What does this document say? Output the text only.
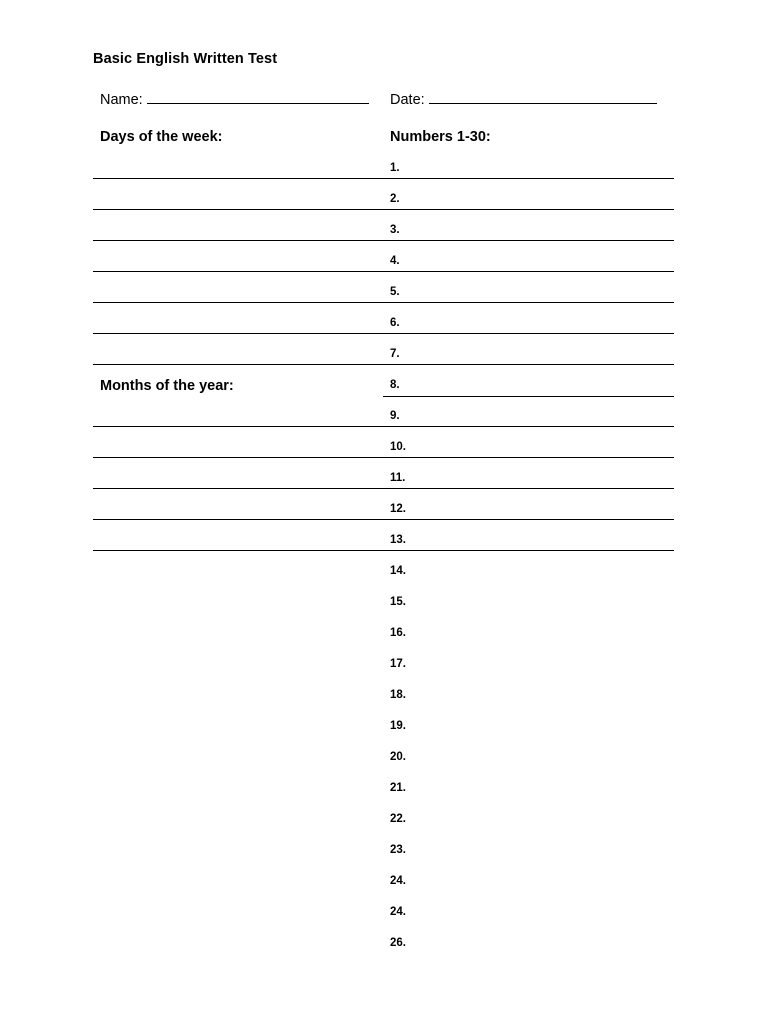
Basic English Written Test
Name:	Date:
Days of the week:	Numbers 1-30:
Months of the year:
1.
2.
3.
4.
5.
6.
7.
8.
9.
10.
11.
12.
13.
14.
15.
16.
17.
18.
19.
20.
21.
22.
23.
24.
24.
26.
